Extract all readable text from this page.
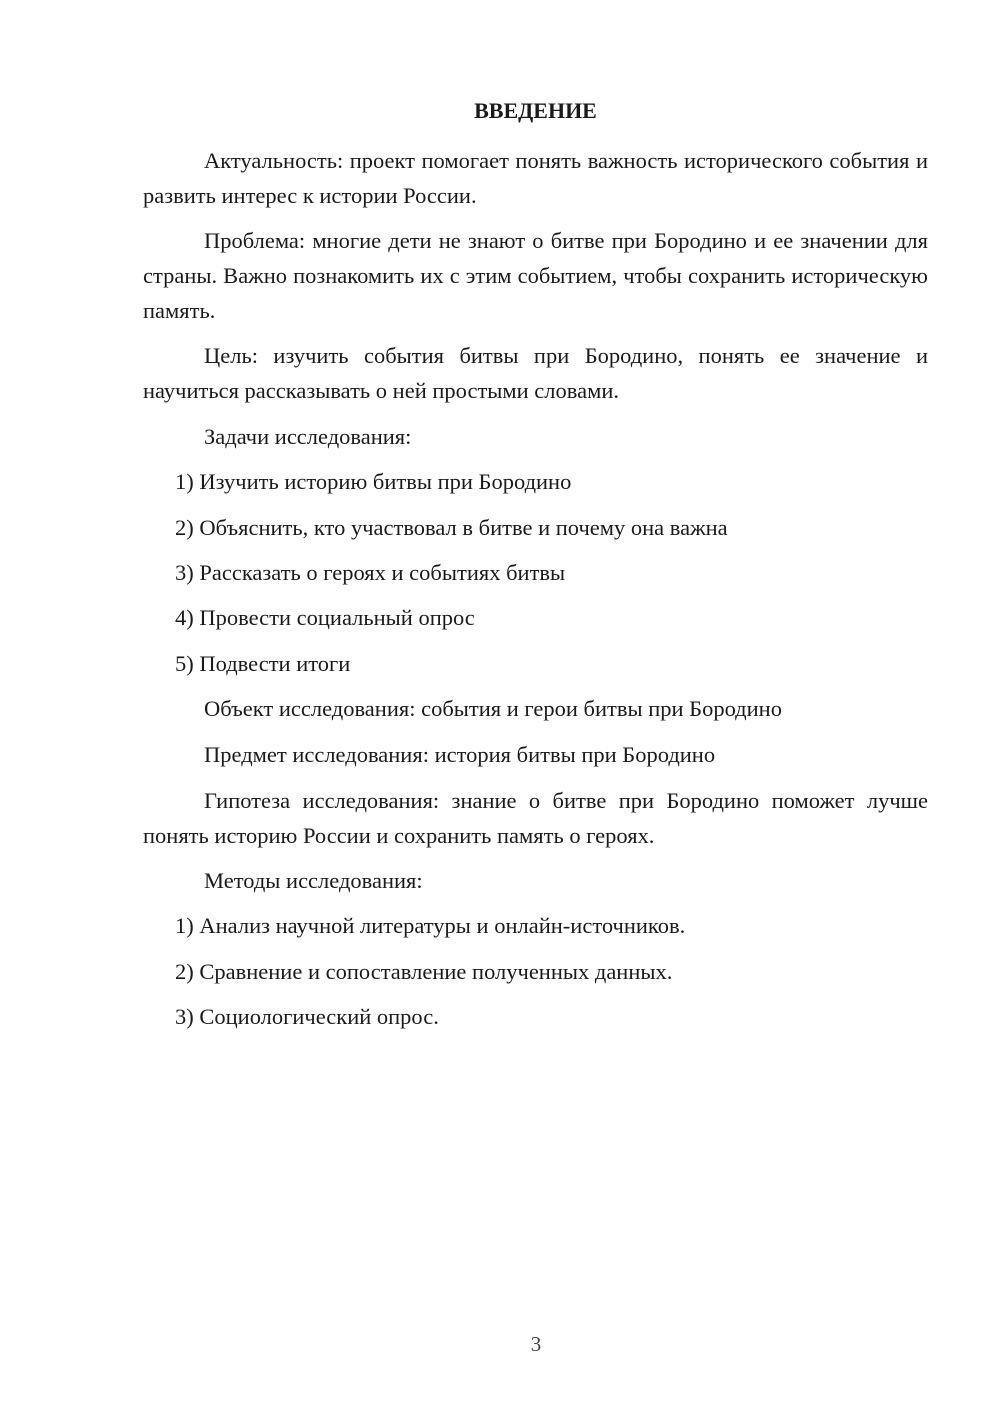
ВВЕДЕНИЕ

Актуальность: проект помогает понять важность исторического события и развить интерес к истории России.

Проблема: многие дети не знают о битве при Бородино и ее значении для страны. Важно познакомить их с этим событием, чтобы сохранить историческую память.

Цель: изучить события битвы при Бородино, понять ее значение и научиться рассказывать о ней простыми словами.

Задачи исследования:

1) Изучить историю битвы при Бородино

2) Объяснить, кто участвовал в битве и почему она важна

3) Рассказать о героях и событиях битвы

4) Провести социальный опрос

5) Подвести итоги

Объект исследования: события и герои битвы при Бородино

Предмет исследования: история битвы при Бородино

Гипотеза исследования: знание о битве при Бородино поможет лучше понять историю России и сохранить память о героях.

Методы исследования:

1) Анализ научной литературы и онлайн-источников.

2) Сравнение и сопоставление полученных данных.

3) Социологический опрос.

3
